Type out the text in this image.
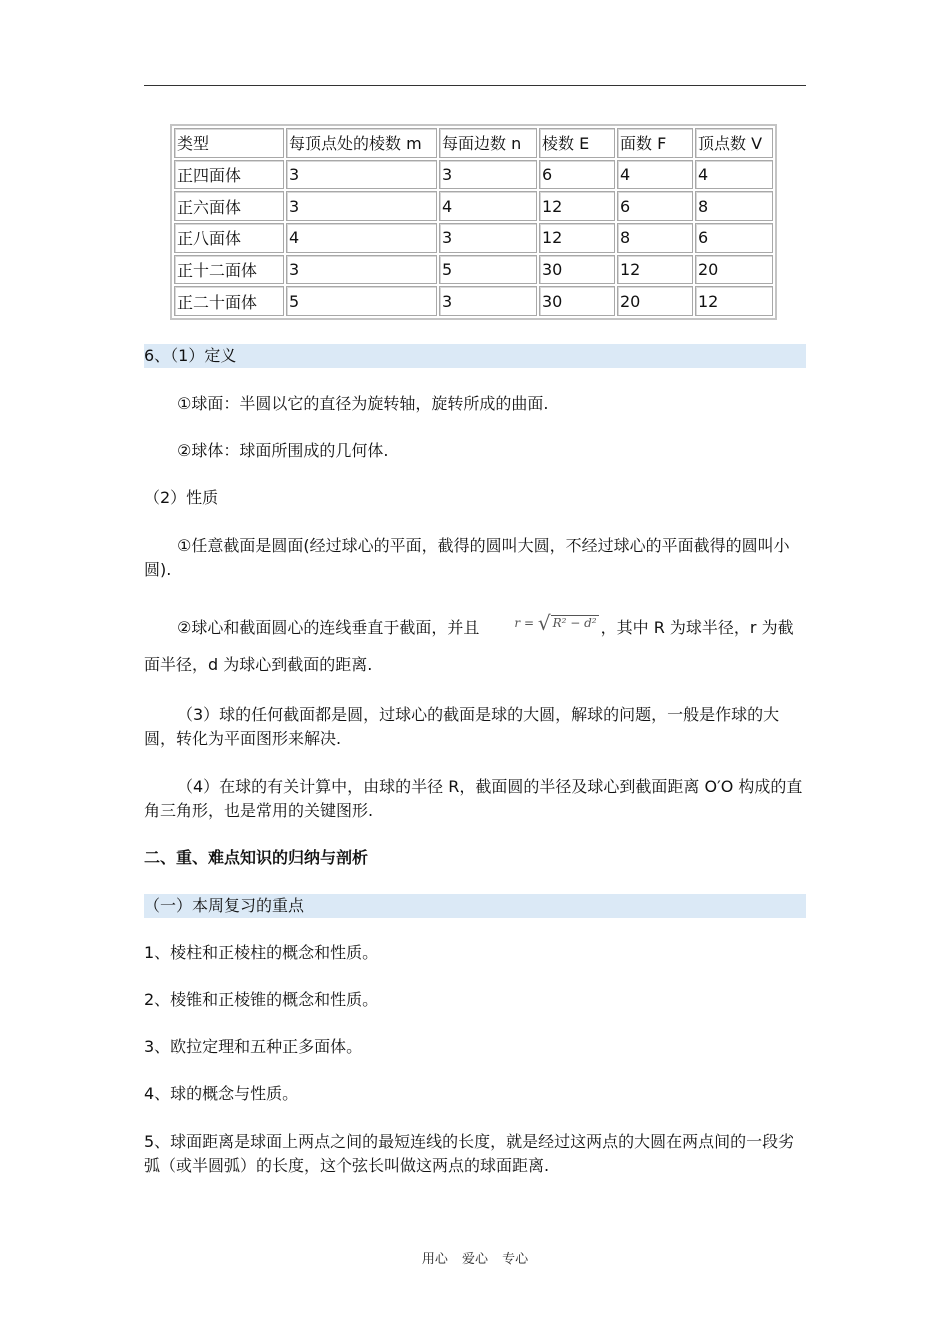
类型	每顶点处的棱数 m	每面边数 n	棱数 E	面数 F	顶点数 V
正四面体	3	3	6	4	4
正六面体	3	4	12	6	8
正八面体	4	3	12	8	6
正十二面体	3	5	30	12	20
正二十面体	5	3	30	20	12
6、（1）定义
①球面：半圆以它的直径为旋转轴，旋转所成的曲面.
②球体：球面所围成的几何体.
（2）性质
①任意截面是圆面(经过球心的平面，截得的圆叫大圆，不经过球心的平面截得的圆叫小圆).
②球心和截面圆心的连线垂直于截面，并且	r = √ R² − d² ，其中 R 为球半径，r 为截面半径，d 为球心到截面的距离.
（3）球的任何截面都是圆，过球心的截面是球的大圆，解球的问题，一般是作球的大圆，转化为平面图形来解决.
（4）在球的有关计算中，由球的半径 R，截面圆的半径及球心到截面距离 O′O 构成的直角三角形，也是常用的关键图形.
二、重、难点知识的归纳与剖析
（一）本周复习的重点
1、棱柱和正棱柱的概念和性质。
2、棱锥和正棱锥的概念和性质。
3、欧拉定理和五种正多面体。
4、球的概念与性质。
5、球面距离是球面上两点之间的最短连线的长度，就是经过这两点的大圆在两点间的一段劣弧（或半圆弧）的长度，这个弦长叫做这两点的球面距离.
用心 爱心 专心
